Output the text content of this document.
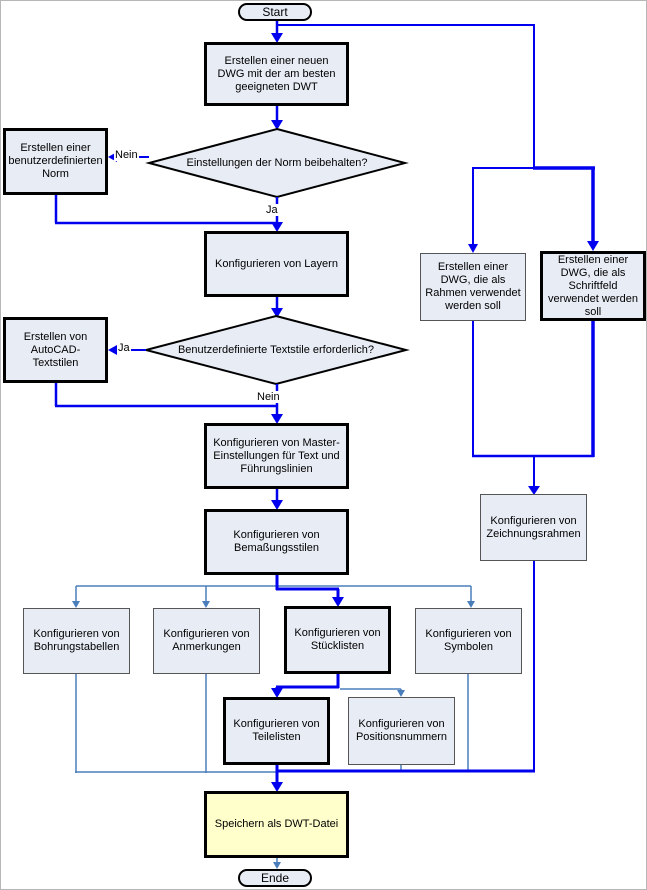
Start
Ende
Erstellen einer neuen DWG mit der am besten geeigneten DWT
Einstellungen der Norm beibehalten?
Erstellen einer benutzerdefinierten Norm
Konfigurieren von Layern
Benutzerdefinierte Textstile erforderlich?
Erstellen von AutoCAD-Textstilen
Konfigurieren von Master-Einstellungen für Text und Führungslinien
Konfigurieren von Bemaßungsstilen
Konfigurieren von Bohrungstabellen
Konfigurieren von Anmerkungen
Konfigurieren von Stücklisten
Konfigurieren von Symbolen
Konfigurieren von Teilelisten
Konfigurieren von Positionsnummern
Erstellen einer DWG, die als Rahmen verwendet werden soll
Erstellen einer DWG, die als Schriftfeld verwendet werden soll
Konfigurieren von Zeichnungsrahmen
Speichern als DWT-Datei
Nein
Ja
Ja
Nein
